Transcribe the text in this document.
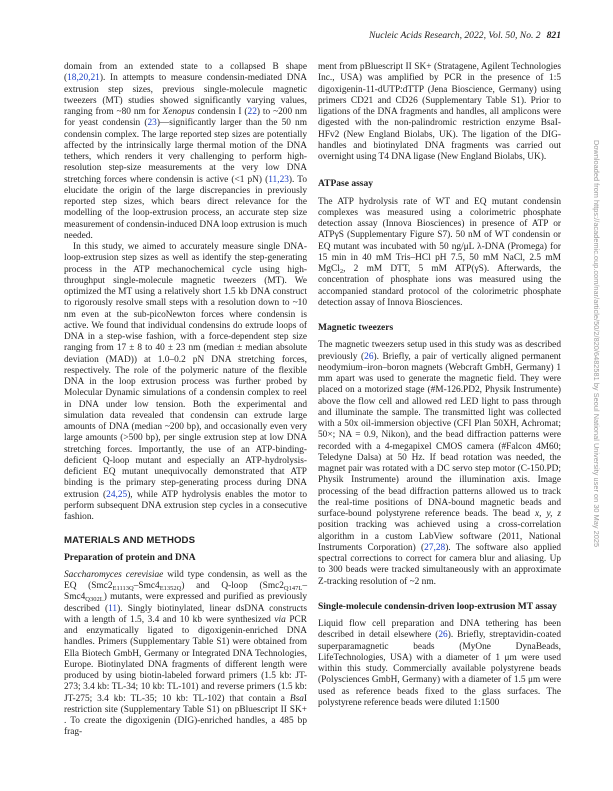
Nucleic Acids Research, 2022, Vol. 50, No. 2 821

domain from an extended state to a collapsed B shape (18,20,21). In attempts to measure condensin-mediated DNA extrusion step sizes, previous single-molecule magnetic tweezers (MT) studies showed significantly varying values, ranging from ~80 nm for Xenopus condensin I (22) to ~200 nm for yeast condensin (23)—significantly larger than the 50 nm condensin complex. The large reported step sizes are potentially affected by the intrinsically large thermal motion of the DNA tethers, which renders it very challenging to perform high-resolution step-size measurements at the very low DNA stretching forces where condensin is active (<1 pN) (11,23). To elucidate the origin of the large discrepancies in previously reported step sizes, which bears direct relevance for the modelling of the loop-extrusion process, an accurate step size measurement of condensin-induced DNA loop extrusion is much needed.

In this study, we aimed to accurately measure single DNA-loop-extrusion step sizes as well as identify the step-generating process in the ATP mechanochemical cycle using high-throughput single-molecule magnetic tweezers (MT). We optimized the MT using a relatively short 1.5 kb DNA construct to rigorously resolve small steps with a resolution down to ~10 nm even at the sub-picoNewton forces where condensin is active. We found that individual condensins do extrude loops of DNA in a step-wise fashion, with a force-dependent step size ranging from 17 ± 8 to 40 ± 23 nm (median ± median absolute deviation (MAD)) at 1.0–0.2 pN DNA stretching forces, respectively. The role of the polymeric nature of the flexible DNA in the loop extrusion process was further probed by Molecular Dynamic simulations of a condensin complex to reel in DNA under low tension. Both the experimental and simulation data revealed that condensin can extrude large amounts of DNA (median ~200 bp), and occasionally even very large amounts (>500 bp), per single extrusion step at low DNA stretching forces. Importantly, the use of an ATP-binding-deficient Q-loop mutant and especially an ATP-hydrolysis-deficient EQ mutant unequivocally demonstrated that ATP binding is the primary step-generating process during DNA extrusion (24,25), while ATP hydrolysis enables the motor to perform subsequent DNA extrusion step cycles in a consecutive fashion.

MATERIALS AND METHODS
Preparation of protein and DNA

Saccharomyces cerevisiae wild type condensin, as well as the EQ $(Smc2_{E1113Q}-Smc4_{E1352Q})$ and Q-loop $(Smc2_{Q147L}-Smc4_{Q302L})$ mutants, were expressed and purified as previously described (11). Singly biotinylated, linear dsDNA constructs with a length of 1.5, 3.4 and 10 kb were synthesized via PCR and enzymatically ligated to digoxigenin-enriched DNA handles. Primers (Supplementary Table S1) were obtained from Ella Biotech GmbH, Germany or Integrated DNA Technologies, Europe. Biotinylated DNA fragments of different length were produced by using biotin-labeled forward primers (1.5 kb: JT-273; 3.4 kb: TL-34; 10 kb: TL-101) and reverse primers (1.5 kb: JT-275; 3.4 kb: TL-35; 10 kb: TL-102) that contain a BsaI restriction site (Supplementary Table S1) on pBluescript II SK+ . To create the digoxigenin (DIG)-enriched handles, a 485 bp frag-

ment from pBluescript II SK+ (Stratagene, Agilent Technologies Inc., USA) was amplified by PCR in the presence of 1:5 digoxigenin-11-dUTP:dTTP (Jena Bioscience, Germany) using primers CD21 and CD26 (Supplementary Table S1). Prior to ligations of the DNA fragments and handles, all amplicons were digested with the non-palindromic restriction enzyme BsaI-HFv2 (New England Biolabs, UK). The ligation of the DIG-handles and biotinylated DNA fragments was carried out overnight using T4 DNA ligase (New England Biolabs, UK).

ATPase assay

The ATP hydrolysis rate of WT and EQ mutant condensin complexes was measured using a colorimetric phosphate detection assay (Innova Biosciences) in presence of ATP or ATPγS (Supplementary Figure S7). 50 nM of WT condensin or EQ mutant was incubated with 50 ng/μL λ-DNA (Promega) for 15 min in 40 mM Tris–HCl pH 7.5, 50 mM NaCl, 2.5 mM MgCl$_2$, 2 mM DTT, 5 mM ATP(γS). Afterwards, the concentration of phosphate ions was measured using the accompanied standard protocol of the colorimetric phosphate detection assay of Innova Biosciences.

Magnetic tweezers

The magnetic tweezers setup used in this study was as described previously (26). Briefly, a pair of vertically aligned permanent neodymium–iron–boron magnets (Webcraft GmbH, Germany) 1 mm apart was used to generate the magnetic field. They were placed on a motorized stage (#M-126.PD2, Physik Instrumente) above the flow cell and allowed red LED light to pass through and illuminate the sample. The transmitted light was collected with a 50x oil-immersion objective (CFI Plan 50XH, Achromat; 50×; NA = 0.9, Nikon), and the bead diffraction patterns were recorded with a 4-megapixel CMOS camera (#Falcon 4M60; Teledyne Dalsa) at 50 Hz. If bead rotation was needed, the magnet pair was rotated with a DC servo step motor (C-150.PD; Physik Instrumente) around the illumination axis. Image processing of the bead diffraction patterns allowed us to track the real-time positions of DNA-bound magnetic beads and surface-bound polystyrene reference beads. The bead x, y, z position tracking was achieved using a cross-correlation algorithm in a custom LabView software (2011, National Instruments Corporation) (27,28). The software also applied spectral corrections to correct for camera blur and aliasing. Up to 300 beads were tracked simultaneously with an approximate Z-tracking resolution of ~2 nm.

Single-molecule condensin-driven loop-extrusion MT assay

Liquid flow cell preparation and DNA tethering has been described in detail elsewhere (26). Briefly, streptavidin-coated superparamagnetic beads (MyOne DynaBeads, LifeTechnologies, USA) with a diameter of 1 μm were used within this study. Commercially available polystyrene beads (Polysciences GmbH, Germany) with a diameter of 1.5 μm were used as reference beads fixed to the glass surfaces. The polystyrene reference beads were diluted 1:1500

Downloaded from https://academic.oup.com/nar/article/50/2/820/6482581 by Seoul National University user on 30 May 2025
